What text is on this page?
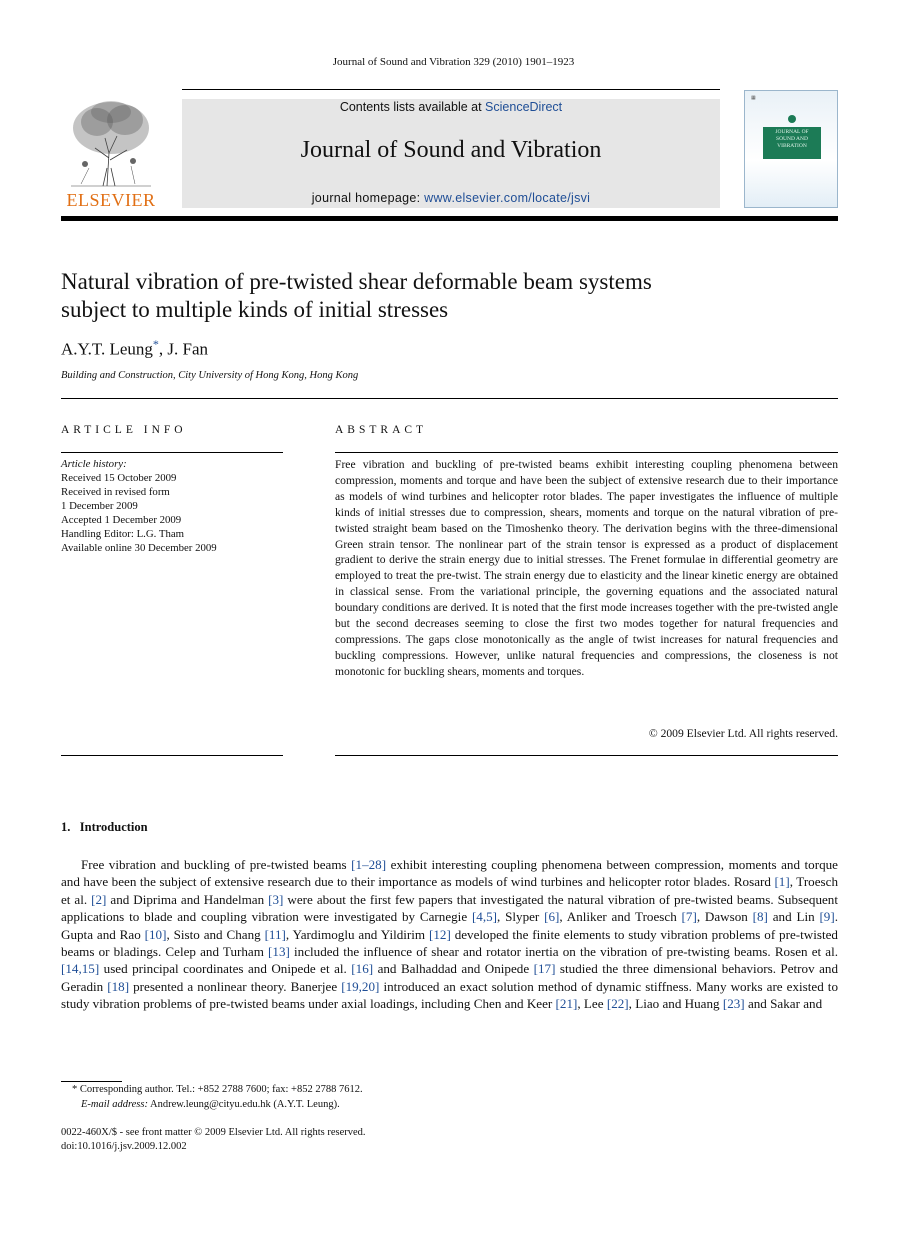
Journal of Sound and Vibration 329 (2010) 1901–1923
ELSEVIER
Contents lists available at ScienceDirect
Journal of Sound and Vibration
journal homepage: www.elsevier.com/locate/jsvi
▦
JOURNAL OF
SOUND AND
VIBRATION
Natural vibration of pre-twisted shear deformable beam systems
subject to multiple kinds of initial stresses
A.Y.T. Leung*, J. Fan
Building and Construction, City University of Hong Kong, Hong Kong
ARTICLE INFO	ABSTRACT
Article history:
Received 15 October 2009
Received in revised form
1 December 2009
Accepted 1 December 2009
Handling Editor: L.G. Tham
Available online 30 December 2009
Free vibration and buckling of pre-twisted beams exhibit interesting coupling phenomena between compression, moments and torque and have been the subject of extensive research due to their importance as models of wind turbines and helicopter rotor blades. The paper investigates the influence of multiple kinds of initial stresses due to compression, shears, moments and torque on the natural vibration of pre-twisted straight beam based on the Timoshenko theory. The derivation begins with the three-dimensional Green strain tensor. The nonlinear part of the strain tensor is expressed as a product of displacement gradient to derive the strain energy due to initial stresses. The Frenet formulae in differential geometry are employed to treat the pre-twist. The strain energy due to elasticity and the linear kinetic energy are obtained in classical sense. From the variational principle, the governing equations and the associated natural boundary conditions are derived. It is noted that the first mode increases together with the pre-twisted angle but the second decreases seeming to close the first two modes together for natural frequencies and compressions. The gaps close monotonically as the angle of twist increases for natural frequencies and buckling compressions. However, unlike natural frequencies and compressions, the closeness is not monotonic for buckling shears, moments and torques.
© 2009 Elsevier Ltd. All rights reserved.
1.   Introduction
Free vibration and buckling of pre-twisted beams [1–28] exhibit interesting coupling phenomena between compression, moments and torque and have been the subject of extensive research due to their importance as models of wind turbines and helicopter rotor blades. Rosard [1], Troesch et al. [2] and Diprima and Handelman [3] were about the first few papers that investigated the natural vibration of pre-twisted beams. Subsequent applications to blade and coupling vibration were investigated by Carnegie [4,5], Slyper [6], Anliker and Troesch [7], Dawson [8] and Lin [9]. Gupta and Rao [10], Sisto and Chang [11], Yardimoglu and Yildirim [12] developed the finite elements to study vibration problems of pre-twisted beams or bladings. Celep and Turham [13] included the influence of shear and rotator inertia on the vibration of pre-twisting beams. Rosen et al. [14,15] used principal coordinates and Onipede et al. [16] and Balhaddad and Onipede [17] studied the three dimensional behaviors. Petrov and Geradin [18] presented a nonlinear theory. Banerjee [19,20] introduced an exact solution method of dynamic stiffness. Many works are existed to study vibration problems of pre-twisted beams under axial loadings, including Chen and Keer [21], Lee [22], Liao and Huang [23] and Sakar and
* Corresponding author. Tel.: +852 2788 7600; fax: +852 2788 7612.
E-mail address: Andrew.leung@cityu.edu.hk (A.Y.T. Leung).
0022-460X/$ - see front matter © 2009 Elsevier Ltd. All rights reserved.
doi:10.1016/j.jsv.2009.12.002
